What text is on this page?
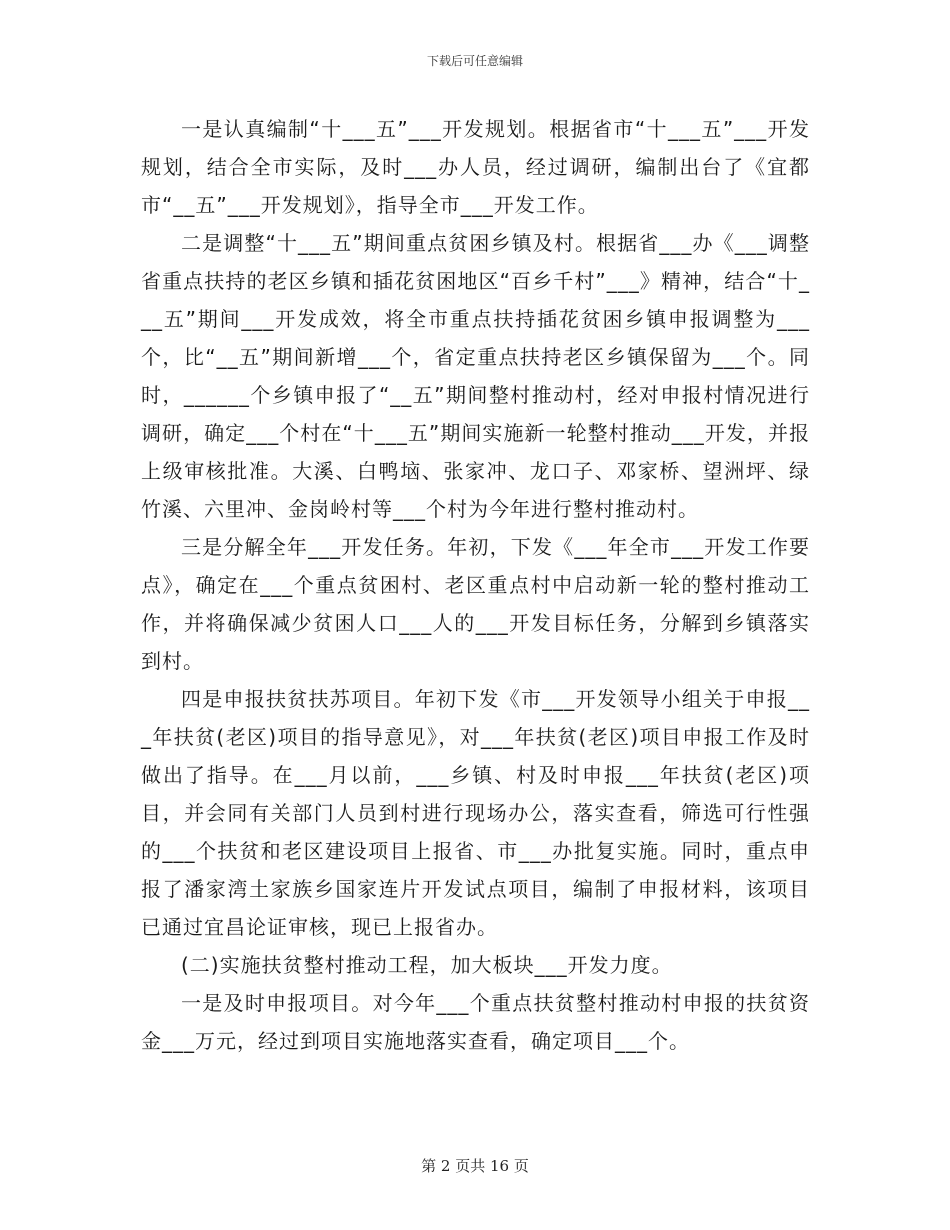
下载后可任意编辑

一是认真编制“十___五”___开发规划。根据省市“十___五”___开发规划，结合全市实际，及时___办人员，经过调研，编制出台了《宜都市“__五”___开发规划》，指导全市___开发工作。

二是调整“十___五”期间重点贫困乡镇及村。根据省___办《___调整省重点扶持的老区乡镇和插花贫困地区“百乡千村”___》精神，结合“十___五”期间___开发成效，将全市重点扶持插花贫困乡镇申报调整为___个，比“__五”期间新增___个，省定重点扶持老区乡镇保留为___个。同时，______个乡镇申报了“__五”期间整村推动村，经对申报村情况进行调研，确定___个村在“十___五”期间实施新一轮整村推动___开发，并报上级审核批准。大溪、白鸭垴、张家冲、龙口子、邓家桥、望洲坪、绿竹溪、六里冲、金岗岭村等___个村为今年进行整村推动村。

三是分解全年___开发任务。年初，下发《___年全市___开发工作要点》，确定在___个重点贫困村、老区重点村中启动新一轮的整村推动工作，并将确保减少贫困人口___人的___开发目标任务，分解到乡镇落实到村。

四是申报扶贫扶苏项目。年初下发《市___开发领导小组关于申报___年扶贫(老区)项目的指导意见》，对___年扶贫(老区)项目申报工作及时做出了指导。在___月以前，___乡镇、村及时申报___年扶贫(老区)项目，并会同有关部门人员到村进行现场办公，落实查看，筛选可行性强的___个扶贫和老区建设项目上报省、市___办批复实施。同时，重点申报了潘家湾土家族乡国家连片开发试点项目，编制了申报材料，该项目已通过宜昌论证审核，现已上报省办。

(二)实施扶贫整村推动工程，加大板块___开发力度。

一是及时申报项目。对今年___个重点扶贫整村推动村申报的扶贫资金___万元，经过到项目实施地落实查看，确定项目___个。

第 2 页共 16 页
